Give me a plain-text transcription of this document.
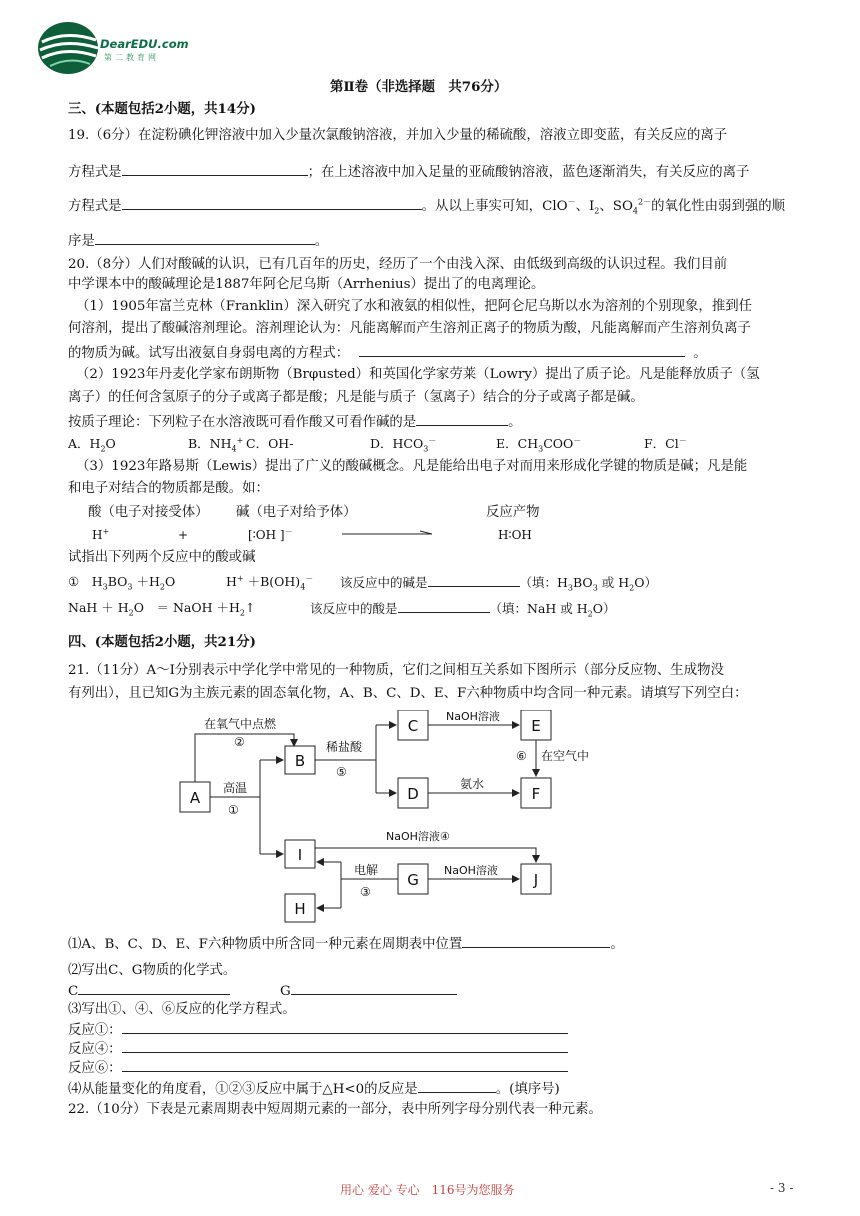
DearEDU.com
第二教育网
第Ⅱ卷（非选择题　共76分）
三、(本题包括2小题，共14分)
19.（6分）在淀粉碘化钾溶液中加入少量次氯酸钠溶液，并加入少量的稀硫酸，溶液立即变蓝，有关反应的离子
方程式是	；在上述溶液中加入足量的亚硫酸钠溶液，蓝色逐渐消失，有关反应的离子
方程式是	。从以上事实可知，ClO－、$I_2$、$SO_4^{2-}$的氧化性由弱到强的顺
序是	。
20.（8分）人们对酸碱的认识，已有几百年的历史，经历了一个由浅入深、由低级到高级的认识过程。我们目前
中学课本中的酸碱理论是1887年阿仑尼乌斯（Arrhenius）提出了的电离理论。
（1）1905年富兰克林（Franklin）深入研究了水和液氨的相似性，把阿仑尼乌斯以水为溶剂的个别现象，推到任
何溶剂，提出了酸碱溶剂理论。溶剂理论认为：凡能离解而产生溶剂正离子的物质为酸，凡能离解而产生溶剂负离子
的物质为碱。试写出液氨自身弱电离的方程式：	。
（2）1923年丹麦化学家布朗斯物（Brφusted）和英国化学家劳莱（Lowry）提出了质子论。凡是能释放质子（氢
离子）的任何含氢原子的分子或离子都是酸；凡是能与质子（氢离子）结合的分子或离子都是碱。
按质子理论：下列粒子在水溶液既可看作酸又可看作碱的是	。
A．$H_2O$	B．$NH_4^+$ C．OH-	D．$HCO_3^-$	E．$CH_3COO^-$	F．Cl－
（3）1923年路易斯（Lewis）提出了广义的酸碱概念。凡是能给出电子对而用来形成化学键的物质是碱；凡是能
和电子对结合的物质都是酸。如：
酸（电子对接受体） 碱（电子对给予体）	反应产物
H+	+	[∶OH ]－	H∶OH
试指出下列两个反应中的酸或碱
①　$H_3BO_3 +H_2O$	$H^+ +B(OH)_4^-$ 该反应中的碱是	（填：$H_3BO_3$ 或 $H_2O$）
NaH ＋ $H_2O$　＝ NaOH $+H_2↑$	该反应中的酸是	（填：NaH 或 $H_2O$）
四、(本题包括2小题，共21分)
21.（11分）A～I分别表示中学化学中常见的一种物质，它们之间相互关系如下图所示（部分反应物、生成物没
有列出），且已知G为主族元素的固态氧化物，A、B、C、D、E、F六种物质中均含同一种元素。请填写下列空白：
A
B
C
D
E
F
G
H
I
J
在氧气中点燃
②	稀盐酸
⑤
NaOH溶液
⑥ 在空气中
氨水
高温
①
NaOH溶液④
电解
③
NaOH溶液
⑴A、B、C、D、E、F六种物质中所含同一种元素在周期表中位置	。
⑵写出C、G物质的化学式。
C	G
⑶写出①、④、⑥反应的化学方程式。
反应①：
反应④：
反应⑥：
⑷从能量变化的角度看，①②③反应中属于△H<0的反应是	。(填序号)
22.（10分）下表是元素周期表中短周期元素的一部分，表中所列字母分别代表一种元素。
用心 爱心 专心　116号为您服务	- 3 -
